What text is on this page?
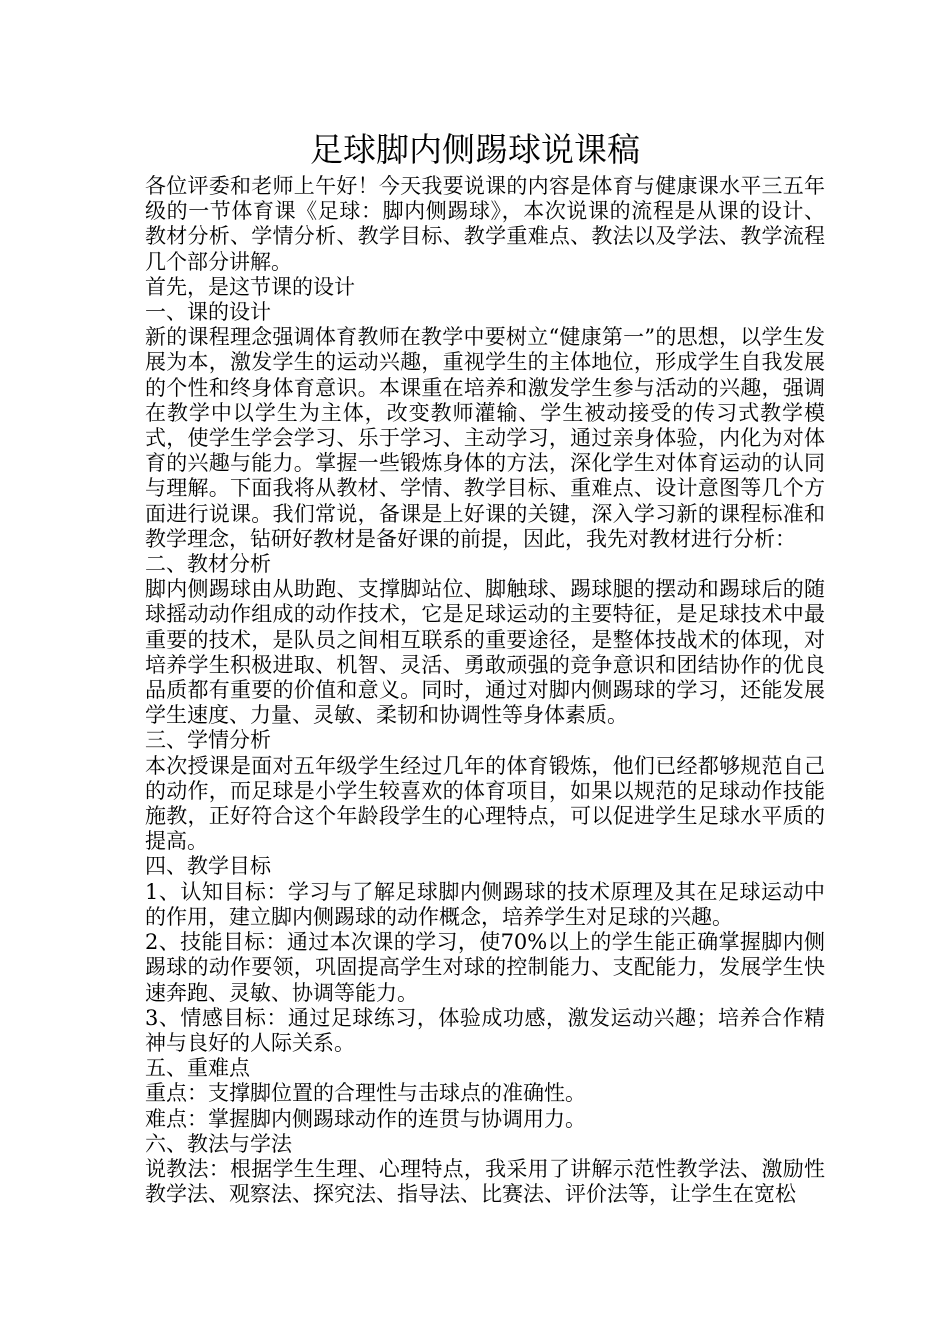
足球脚内侧踢球说课稿

各位评委和老师上午好！今天我要说课的内容是体育与健康课水平三五年级的一节体育课《足球：脚内侧踢球》，本次说课的流程是从课的设计、教材分析、学情分析、教学目标、教学重难点、教法以及学法、教学流程几个部分讲解。

首先，是这节课的设计

一、课的设计

新的课程理念强调体育教师在教学中要树立“健康第一”的思想，以学生发展为本，激发学生的运动兴趣，重视学生的主体地位，形成学生自我发展的个性和终身体育意识。本课重在培养和激发学生参与活动的兴趣，强调在教学中以学生为主体，改变教师灌输、学生被动接受的传习式教学模式，使学生学会学习、乐于学习、主动学习，通过亲身体验，内化为对体育的兴趣与能力。掌握一些锻炼身体的方法，深化学生对体育运动的认同与理解。下面我将从教材、学情、教学目标、重难点、设计意图等几个方面进行说课。我们常说，备课是上好课的关键，深入学习新的课程标准和教学理念，钻研好教材是备好课的前提，因此，我先对教材进行分析：

二、教材分析

脚内侧踢球由从助跑、支撑脚站位、脚触球、踢球腿的摆动和踢球后的随球摇动动作组成的动作技术，它是足球运动的主要特征，是足球技术中最重要的技术，是队员之间相互联系的重要途径，是整体技战术的体现，对培养学生积极进取、机智、灵活、勇敢顽强的竞争意识和团结协作的优良品质都有重要的价值和意义。同时，通过对脚内侧踢球的学习，还能发展学生速度、力量、灵敏、柔韧和协调性等身体素质。

三、学情分析

本次授课是面对五年级学生经过几年的体育锻炼，他们已经都够规范自己的动作，而足球是小学生较喜欢的体育项目，如果以规范的足球动作技能施教，正好符合这个年龄段学生的心理特点，可以促进学生足球水平质的提高。

四、教学目标

1、认知目标：学习与了解足球脚内侧踢球的技术原理及其在足球运动中的作用，建立脚内侧踢球的动作概念，培养学生对足球的兴趣。

2、技能目标：通过本次课的学习，使70%以上的学生能正确掌握脚内侧踢球的动作要领，巩固提高学生对球的控制能力、支配能力，发展学生快速奔跑、灵敏、协调等能力。

3、情感目标：通过足球练习，体验成功感，激发运动兴趣；培养合作精神与良好的人际关系。

五、重难点

重点：支撑脚位置的合理性与击球点的准确性。

难点：掌握脚内侧踢球动作的连贯与协调用力。

六、教法与学法

说教法：根据学生生理、心理特点，我采用了讲解示范性教学法、激励性教学法、观察法、探究法、指导法、比赛法、评价法等，让学生在宽松
